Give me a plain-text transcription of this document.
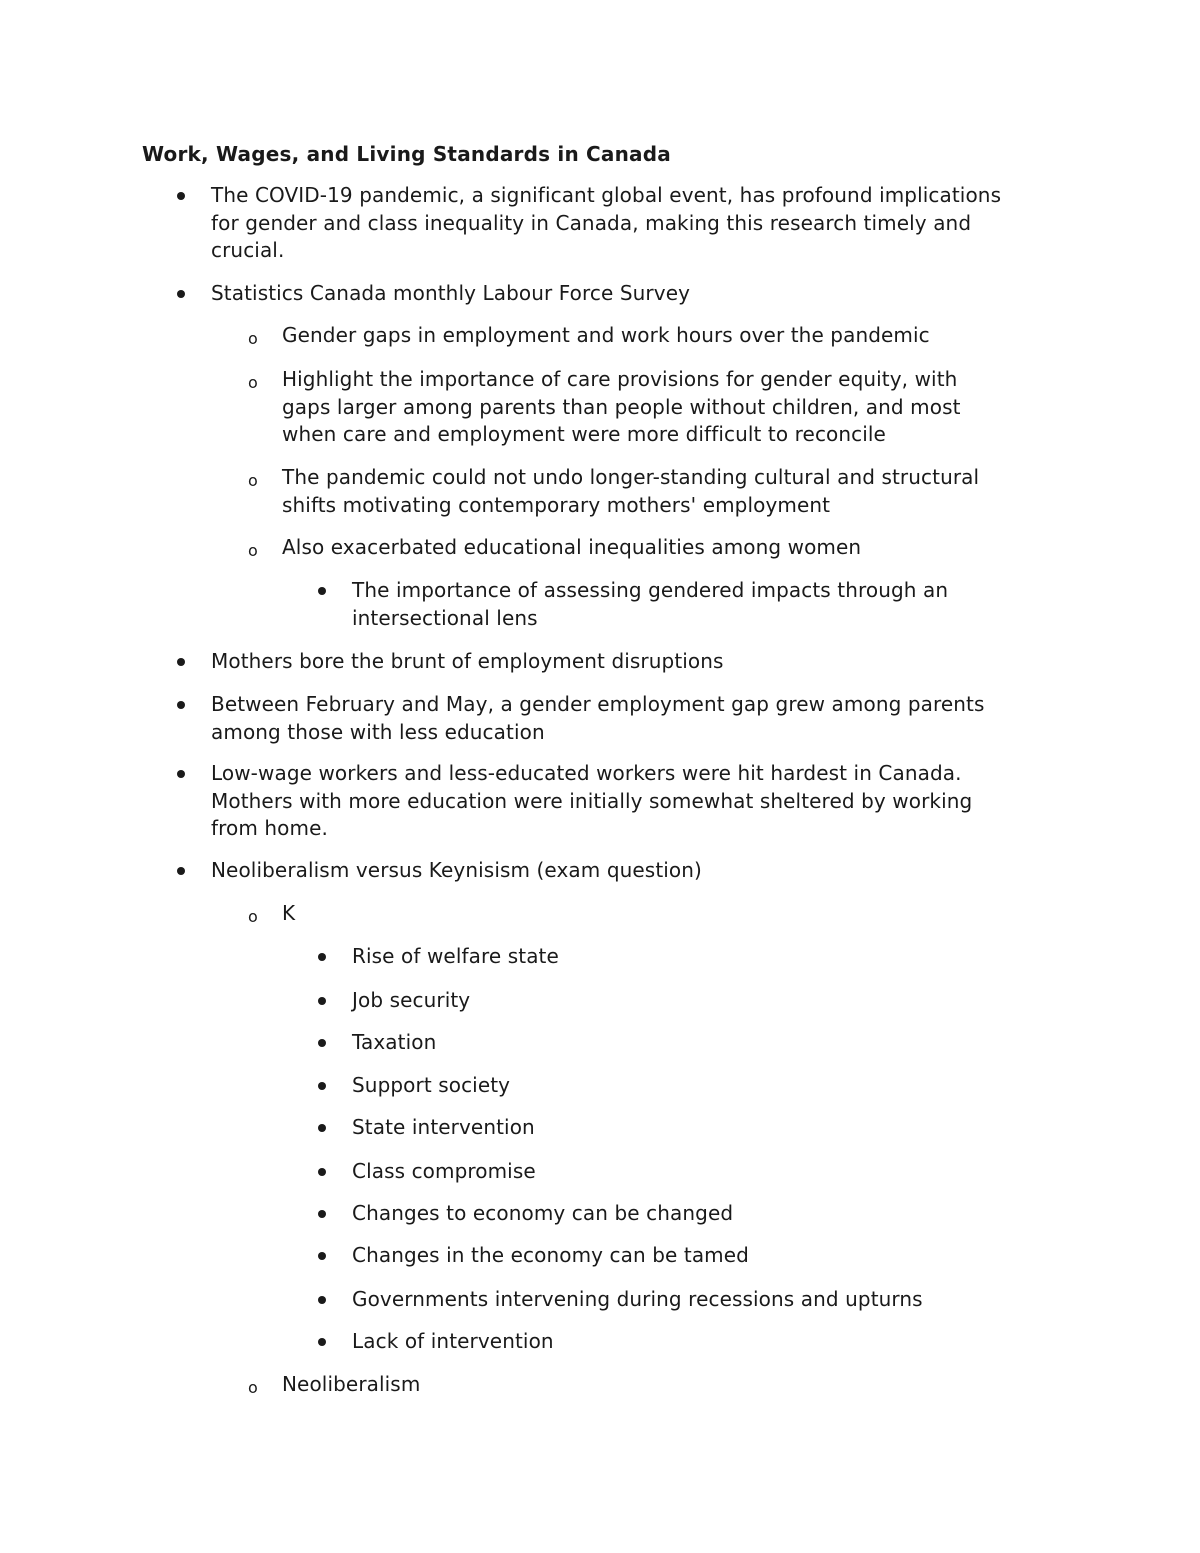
Work, Wages, and Living Standards in Canada
The COVID-19 pandemic, a significant global event, has profound implications
for gender and class inequality in Canada, making this research timely and
crucial.
Statistics Canada monthly Labour Force Survey
o Gender gaps in employment and work hours over the pandemic
o Highlight the importance of care provisions for gender equity, with
gaps larger among parents than people without children, and most
when care and employment were more difficult to reconcile
o The pandemic could not undo longer-standing cultural and structural
shifts motivating contemporary mothers' employment
o Also exacerbated educational inequalities among women
The importance of assessing gendered impacts through an
intersectional lens
Mothers bore the brunt of employment disruptions
Between February and May, a gender employment gap grew among parents
among those with less education
Low-wage workers and less-educated workers were hit hardest in Canada.
Mothers with more education were initially somewhat sheltered by working
from home.
Neoliberalism versus Keynisism (exam question)
o K
Rise of welfare state
Job security
Taxation
Support society
State intervention
Class compromise
Changes to economy can be changed
Changes in the economy can be tamed
Governments intervening during recessions and upturns
Lack of intervention
o Neoliberalism
